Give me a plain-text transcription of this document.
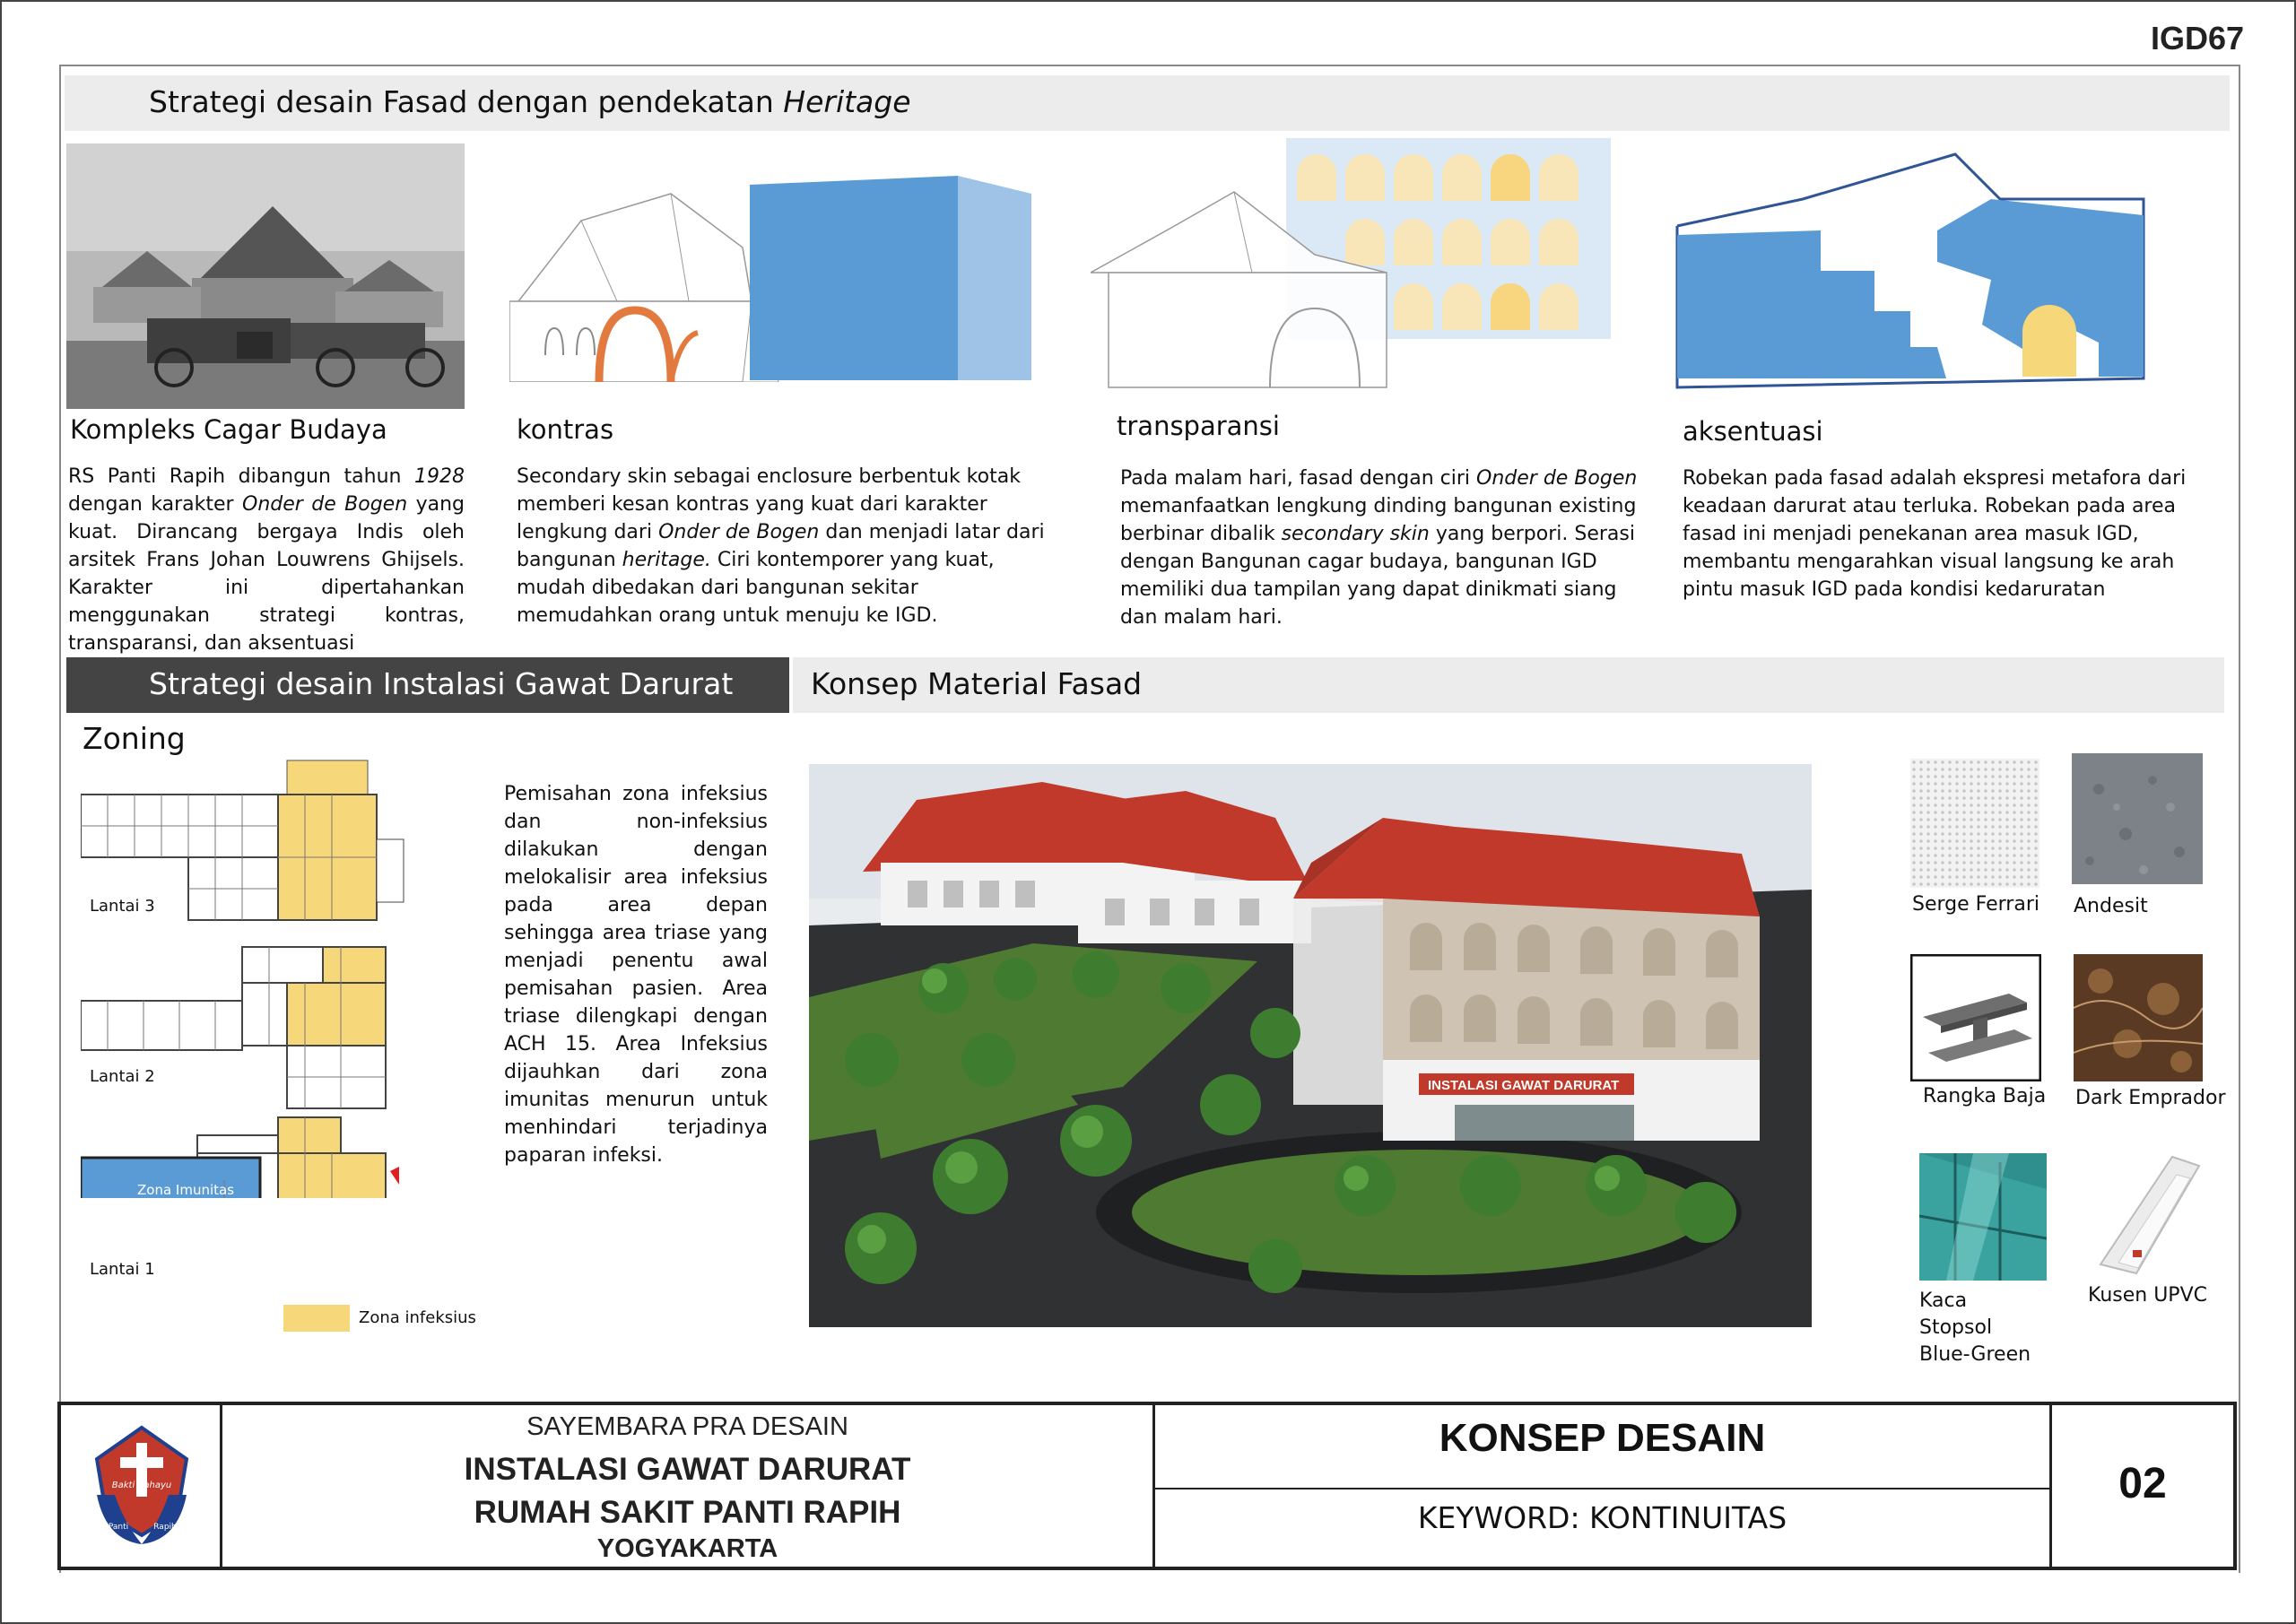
IGD67
Strategi desain Fasad dengan pendekatan Heritage
Kompleks Cagar Budaya
RS Panti Rapih dibangun tahun 1928 dengan karakter Onder de Bogen yang kuat. Dirancang bergaya Indis oleh arsitek Frans Johan Louwrens Ghijsels. Karakter ini dipertahankan menggunakan strategi kontras, transparansi, dan aksentuasi
kontras
Secondary skin sebagai enclosure berbentuk kotak memberi kesan kontras yang kuat dari karakter lengkung dari Onder de Bogen dan menjadi latar dari bangunan heritage. Ciri kontemporer yang kuat, mudah dibedakan dari bangunan sekitar memudahkan orang untuk menuju ke IGD.
transparansi
Pada malam hari, fasad dengan ciri Onder de Bogen memanfaatkan lengkung dinding bangunan existing berbinar dibalik secondary skin yang berpori. Serasi dengan Bangunan cagar budaya, bangunan IGD memiliki dua tampilan yang dapat dinikmati siang dan malam hari.
aksentuasi
Robekan pada fasad adalah ekspresi metafora dari keadaan darurat atau terluka. Robekan pada area fasad ini menjadi penekanan area masuk IGD, membantu mengarahkan visual langsung ke arah pintu masuk IGD pada kondisi kedaruratan
Strategi desain Instalasi Gawat Darurat
Zoning
Lantai 3
Lantai 2
Lantai 1
Zona Imunitas menurun
Zona infeksius
Pemisahan zona infeksius dan non-infeksius dilakukan dengan melokalisir area infeksius pada area depan sehingga area triase yang menjadi penentu awal pemisahan pasien. Area triase dilengkapi dengan ACH 15. Area Infeksius dijauhkan dari zona imunitas menurun untuk menhindari terjadinya paparan infeksi.
Konsep Material Fasad
INSTALASI GAWAT DARURAT
Serge Ferrari Andesit
Rangka Baja Dark Emprador
Kaca Stopsol Blue-Green
Kusen UPVC
Bakti Rahayu
Panti	Rapih
SAYEMBARA PRA DESAIN
INSTALASI GAWAT DARURAT
RUMAH SAKIT PANTI RAPIH
YOGYAKARTA
KONSEP DESAIN
KEYWORD: KONTINUITAS
02
